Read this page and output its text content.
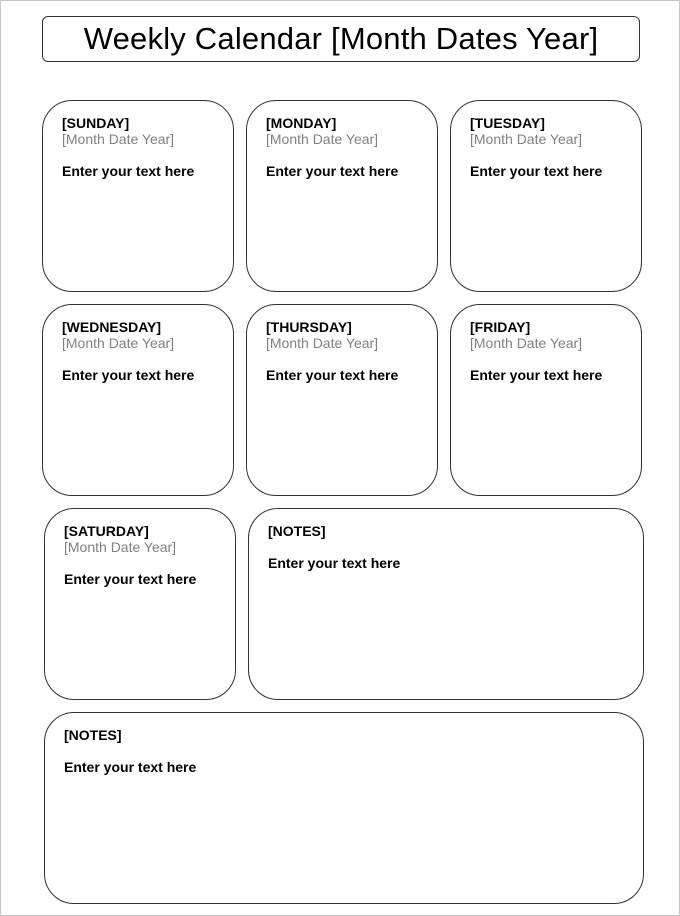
Weekly Calendar [Month Dates Year]
[SUNDAY]
[Month Date Year]
Enter your text here
[MONDAY]
[Month Date Year]
Enter your text here
[TUESDAY]
[Month Date Year]
Enter your text here
[WEDNESDAY]
[Month Date Year]
Enter your text here
[THURSDAY]
[Month Date Year]
Enter your text here
[FRIDAY]
[Month Date Year]
Enter your text here
[SATURDAY]
[Month Date Year]
Enter your text here
[NOTES]
Enter your text here
[NOTES]
Enter your text here
